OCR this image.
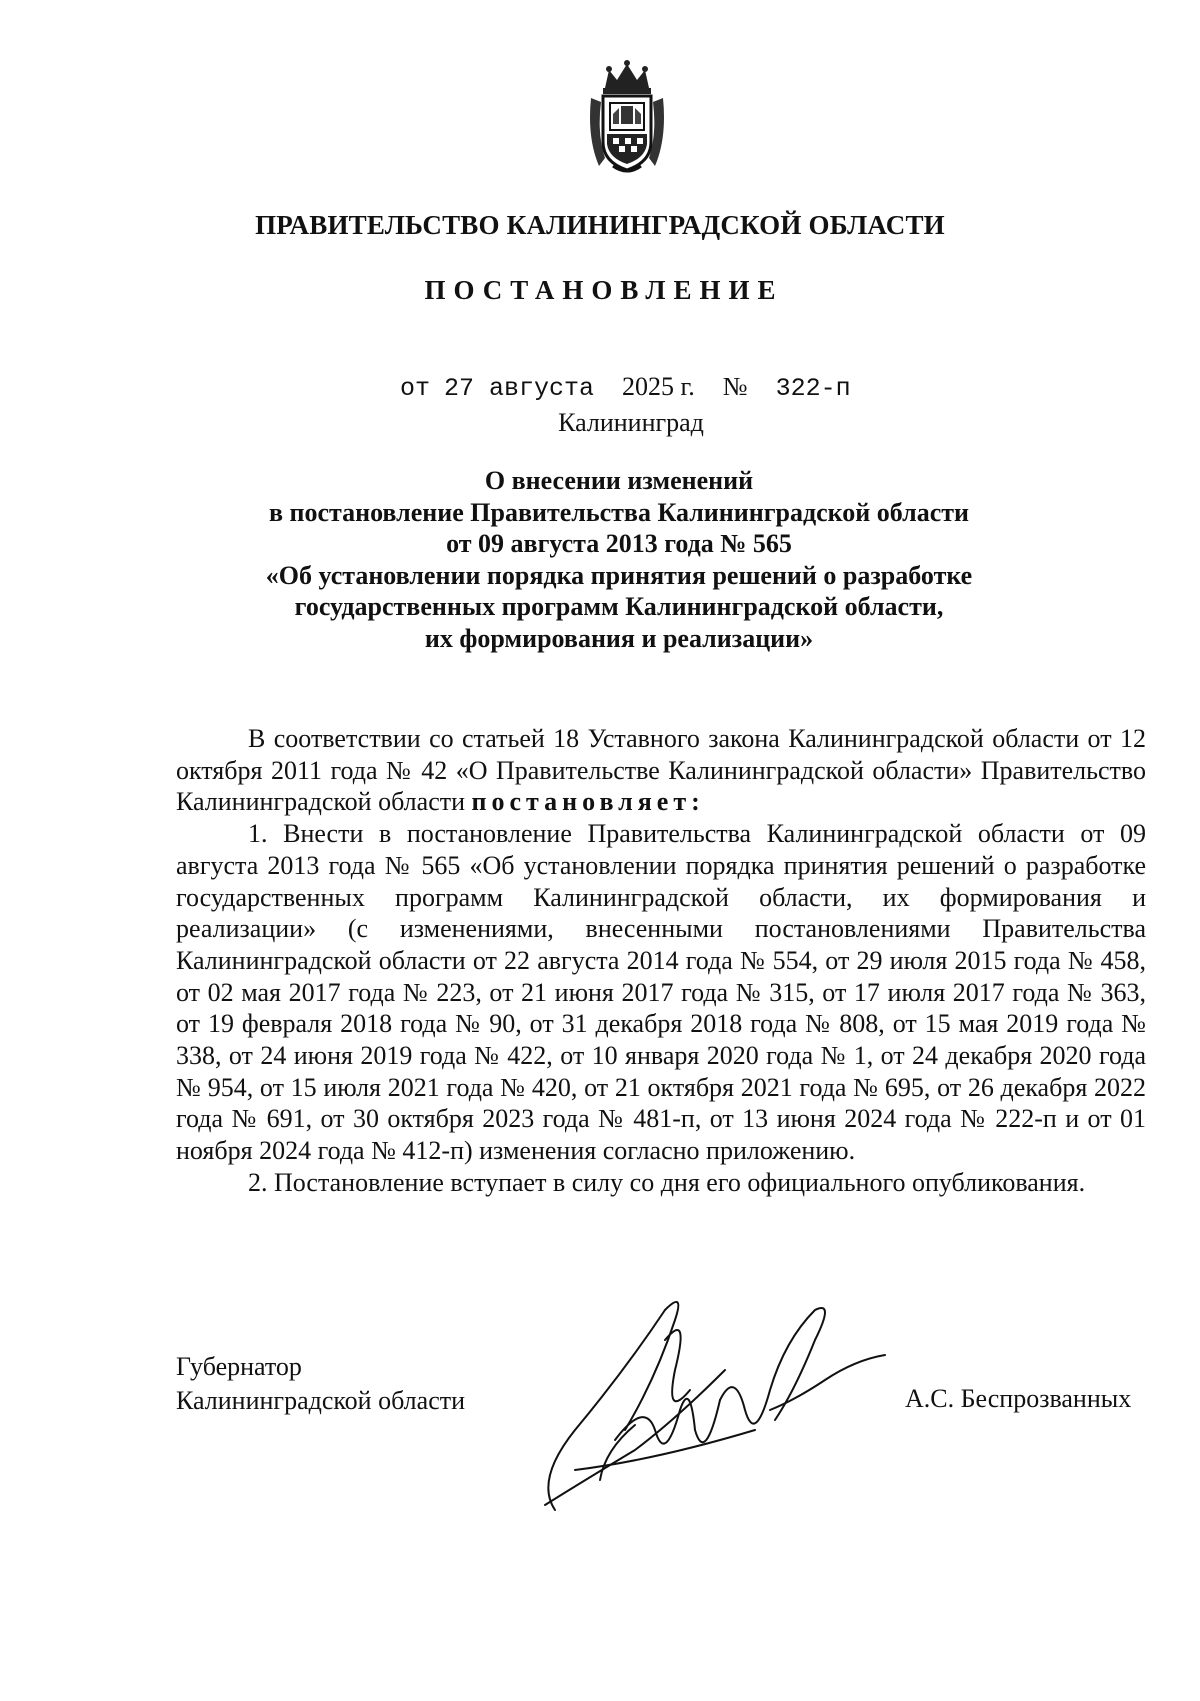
ПРАВИТЕЛЬСТВО КАЛИНИНГРАДСКОЙ ОБЛАСТИ
ПОСТАНОВЛЕНИЕ
от 27 августа 2025 г. № 322-п
Калининград
О внесении изменений
в постановление Правительства Калининградской области
от 09 августа 2013 года № 565
«Об установлении порядка принятия решений о разработке
государственных программ Калининградской области,
их формирования и реализации»

В соответствии со статьей 18 Уставного закона Калининградской области от 12 октября 2011 года № 42 «О Правительстве Калининградской области» Правительство Калининградской области постановляет:

1. Внести в постановление Правительства Калининградской области от 09 августа 2013 года № 565 «Об установлении порядка принятия решений о разработке государственных программ Калининградской области, их формирования и реализации» (с изменениями, внесенными постановлениями Правительства Калининградской области от 22 августа 2014 года № 554, от 29 июля 2015 года № 458, от 02 мая 2017 года № 223, от 21 июня 2017 года № 315, от 17 июля 2017 года № 363, от 19 февраля 2018 года № 90, от 31 декабря 2018 года № 808, от 15 мая 2019 года № 338, от 24 июня 2019 года № 422, от 10 января 2020 года № 1, от 24 декабря 2020 года № 954, от 15 июля 2021 года № 420, от 21 октября 2021 года № 695, от 26 декабря 2022 года № 691, от 30 октября 2023 года № 481-п, от 13 июня 2024 года № 222-п и от 01 ноября 2024 года № 412-п) изменения согласно приложению.

2. Постановление вступает в силу со дня его официального опубликования.

Губернатор
Калининградской области	А.С. Беспрозванных
